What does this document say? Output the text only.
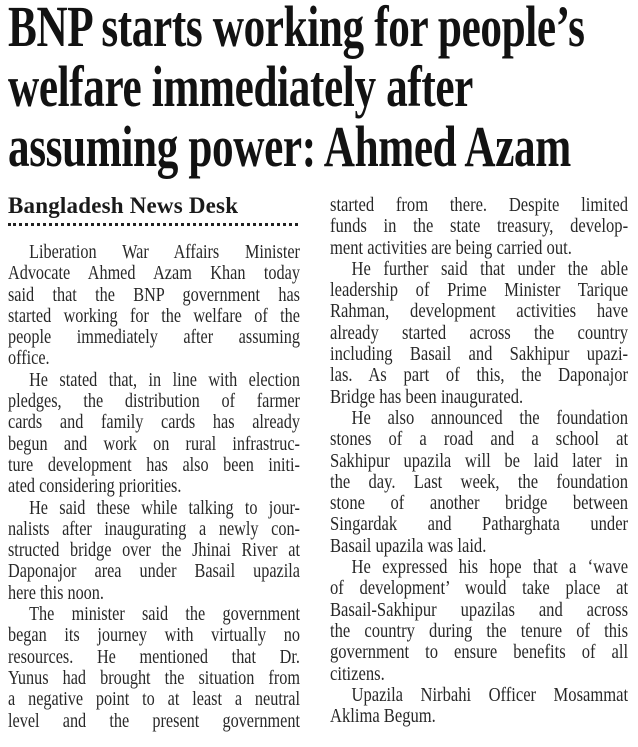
BNP starts working for people’s
welfare immediately after
assuming power: Ahmed Azam
Bangladesh News Desk
Liberation War Affairs Minister
Advocate Ahmed Azam Khan today
said that the BNP government has
started working for the welfare of the
people immediately after assuming
office.
He stated that, in line with election
pledges, the distribution of farmer
cards and family cards has already
begun and work on rural infrastruc-
ture development has also been initi-
ated considering priorities.
He said these while talking to jour-
nalists after inaugurating a newly con-
structed bridge over the Jhinai River at
Daponajor area under Basail upazila
here this noon.
The minister said the government
began its journey with virtually no
resources. He mentioned that Dr.
Yunus had brought the situation from
a negative point to at least a neutral
level and the present government
started from there. Despite limited
funds in the state treasury, develop-
ment activities are being carried out.
He further said that under the able
leadership of Prime Minister Tarique
Rahman, development activities have
already started across the country
including Basail and Sakhipur upazi-
las. As part of this, the Daponajor
Bridge has been inaugurated.
He also announced the foundation
stones of a road and a school at
Sakhipur upazila will be laid later in
the day. Last week, the foundation
stone of another bridge between
Singardak and Patharghata under
Basail upazila was laid.
He expressed his hope that a ‘wave
of development’ would take place at
Basail-Sakhipur upazilas and across
the country during the tenure of this
government to ensure benefits of all
citizens.
Upazila Nirbahi Officer Mosammat
Aklima Begum.
